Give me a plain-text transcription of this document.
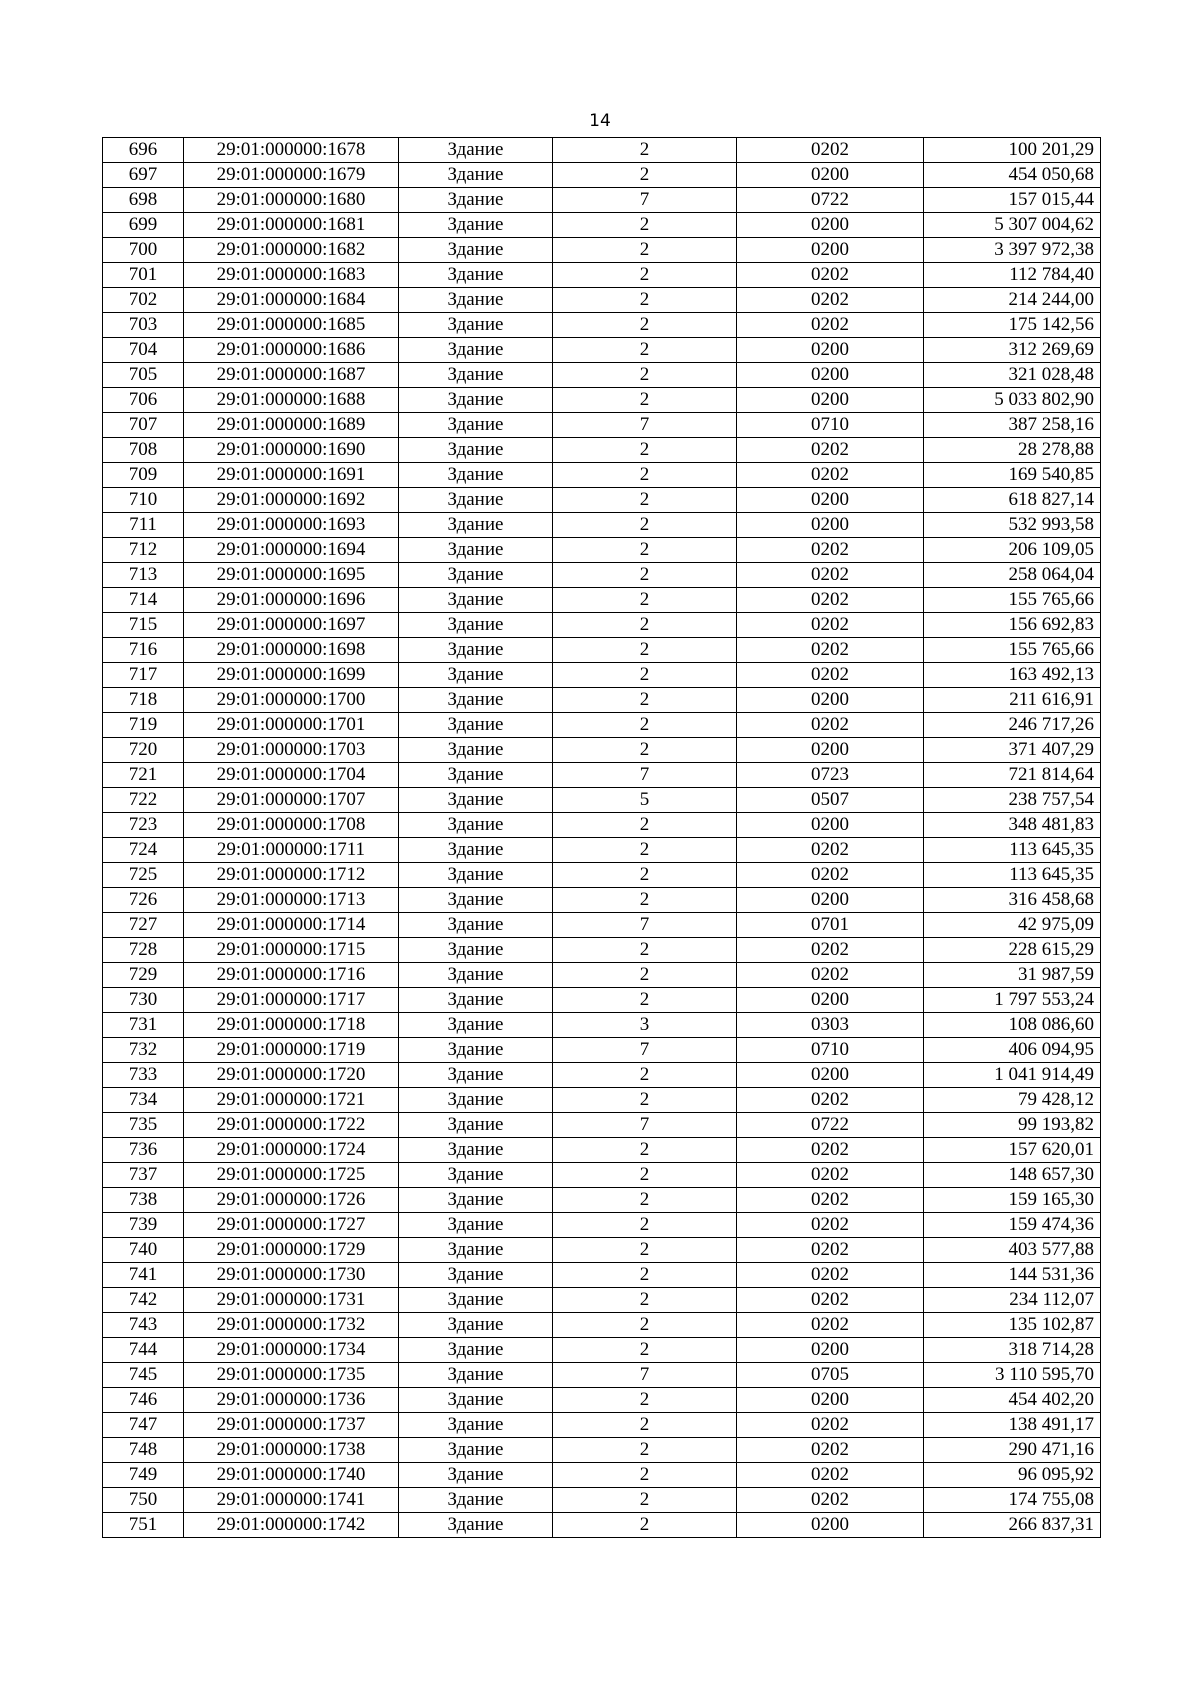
14
696	29:01:000000:1678	Здание	2	0202	100 201,29
697	29:01:000000:1679	Здание	2	0200	454 050,68
698	29:01:000000:1680	Здание	7	0722	157 015,44
699	29:01:000000:1681	Здание	2	0200	5 307 004,62
700	29:01:000000:1682	Здание	2	0200	3 397 972,38
701	29:01:000000:1683	Здание	2	0202	112 784,40
702	29:01:000000:1684	Здание	2	0202	214 244,00
703	29:01:000000:1685	Здание	2	0202	175 142,56
704	29:01:000000:1686	Здание	2	0200	312 269,69
705	29:01:000000:1687	Здание	2	0200	321 028,48
706	29:01:000000:1688	Здание	2	0200	5 033 802,90
707	29:01:000000:1689	Здание	7	0710	387 258,16
708	29:01:000000:1690	Здание	2	0202	28 278,88
709	29:01:000000:1691	Здание	2	0202	169 540,85
710	29:01:000000:1692	Здание	2	0200	618 827,14
711	29:01:000000:1693	Здание	2	0200	532 993,58
712	29:01:000000:1694	Здание	2	0202	206 109,05
713	29:01:000000:1695	Здание	2	0202	258 064,04
714	29:01:000000:1696	Здание	2	0202	155 765,66
715	29:01:000000:1697	Здание	2	0202	156 692,83
716	29:01:000000:1698	Здание	2	0202	155 765,66
717	29:01:000000:1699	Здание	2	0202	163 492,13
718	29:01:000000:1700	Здание	2	0200	211 616,91
719	29:01:000000:1701	Здание	2	0202	246 717,26
720	29:01:000000:1703	Здание	2	0200	371 407,29
721	29:01:000000:1704	Здание	7	0723	721 814,64
722	29:01:000000:1707	Здание	5	0507	238 757,54
723	29:01:000000:1708	Здание	2	0200	348 481,83
724	29:01:000000:1711	Здание	2	0202	113 645,35
725	29:01:000000:1712	Здание	2	0202	113 645,35
726	29:01:000000:1713	Здание	2	0200	316 458,68
727	29:01:000000:1714	Здание	7	0701	42 975,09
728	29:01:000000:1715	Здание	2	0202	228 615,29
729	29:01:000000:1716	Здание	2	0202	31 987,59
730	29:01:000000:1717	Здание	2	0200	1 797 553,24
731	29:01:000000:1718	Здание	3	0303	108 086,60
732	29:01:000000:1719	Здание	7	0710	406 094,95
733	29:01:000000:1720	Здание	2	0200	1 041 914,49
734	29:01:000000:1721	Здание	2	0202	79 428,12
735	29:01:000000:1722	Здание	7	0722	99 193,82
736	29:01:000000:1724	Здание	2	0202	157 620,01
737	29:01:000000:1725	Здание	2	0202	148 657,30
738	29:01:000000:1726	Здание	2	0202	159 165,30
739	29:01:000000:1727	Здание	2	0202	159 474,36
740	29:01:000000:1729	Здание	2	0202	403 577,88
741	29:01:000000:1730	Здание	2	0202	144 531,36
742	29:01:000000:1731	Здание	2	0202	234 112,07
743	29:01:000000:1732	Здание	2	0202	135 102,87
744	29:01:000000:1734	Здание	2	0200	318 714,28
745	29:01:000000:1735	Здание	7	0705	3 110 595,70
746	29:01:000000:1736	Здание	2	0200	454 402,20
747	29:01:000000:1737	Здание	2	0202	138 491,17
748	29:01:000000:1738	Здание	2	0202	290 471,16
749	29:01:000000:1740	Здание	2	0202	96 095,92
750	29:01:000000:1741	Здание	2	0202	174 755,08
751	29:01:000000:1742	Здание	2	0200	266 837,31
